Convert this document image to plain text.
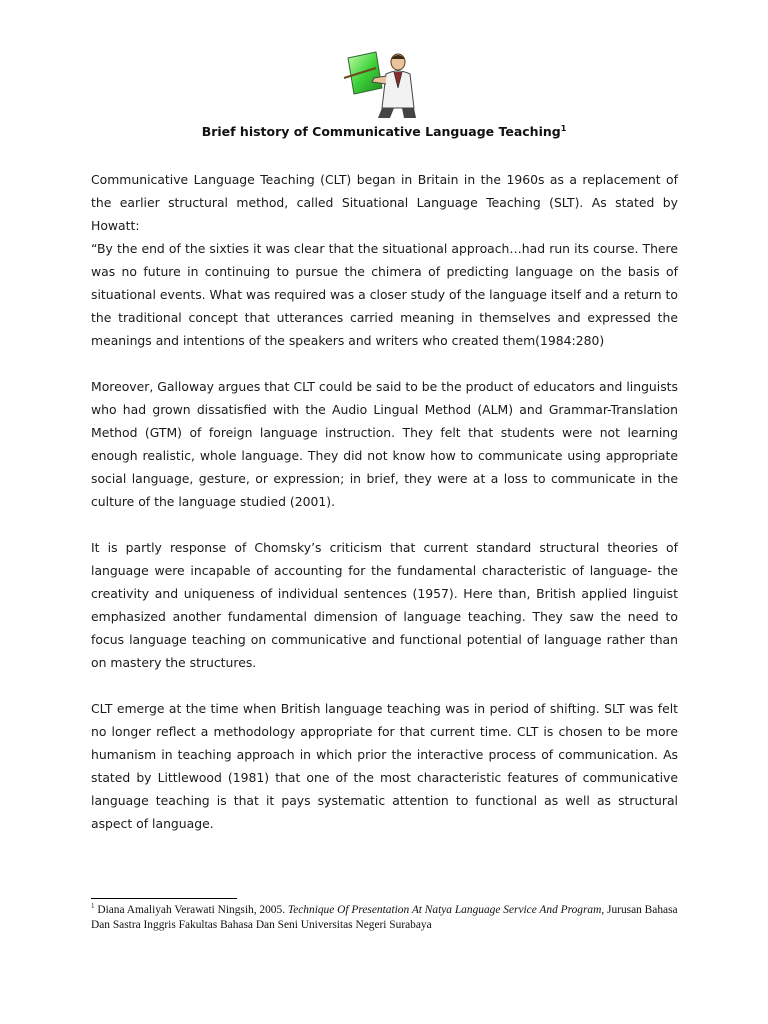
Brief history of Communicative Language Teaching$^1$

Communicative Language Teaching (CLT) began in Britain in the 1960s as a replacement of the earlier structural method, called Situational Language Teaching (SLT). As stated by Howatt:

“By the end of the sixties it was clear that the situational approach…had run its course. There was no future in continuing to pursue the chimera of predicting language on the basis of situational events. What was required was a closer study of the language itself and a return to the traditional concept that utterances carried meaning in themselves and expressed the meanings and intentions of the speakers and writers who created them(1984:280)

Moreover, Galloway argues that CLT could be said to be the product of educators and linguists who had grown dissatisfied with the Audio Lingual Method (ALM) and Grammar-Translation Method (GTM) of foreign language instruction. They felt that students were not learning enough realistic, whole language. They did not know how to communicate using appropriate social language, gesture, or expression; in brief, they were at a loss to communicate in the culture of the language studied (2001).

It is partly response of Chomsky’s criticism that current standard structural theories of language were incapable of accounting for the fundamental characteristic of language- the creativity and uniqueness of individual sentences (1957). Here than, British applied linguist emphasized another fundamental dimension of language teaching. They saw the need to focus language teaching on communicative and functional potential of language rather than on mastery the structures.

CLT emerge at the time when British language teaching was in period of shifting. SLT was felt no longer reflect a methodology appropriate for that current time. CLT is chosen to be more humanism in teaching approach in which prior the interactive process of communication. As stated by Littlewood (1981) that one of the most characteristic features of communicative language teaching is that it pays systematic attention to functional as well as structural aspect of language.

$^1$ Diana Amaliyah Verawati Ningsih, 2005. Technique Of Presentation At Natya Language Service And Program, Jurusan Bahasa Dan Sastra Inggris Fakultas Bahasa Dan Seni Universitas Negeri Surabaya
